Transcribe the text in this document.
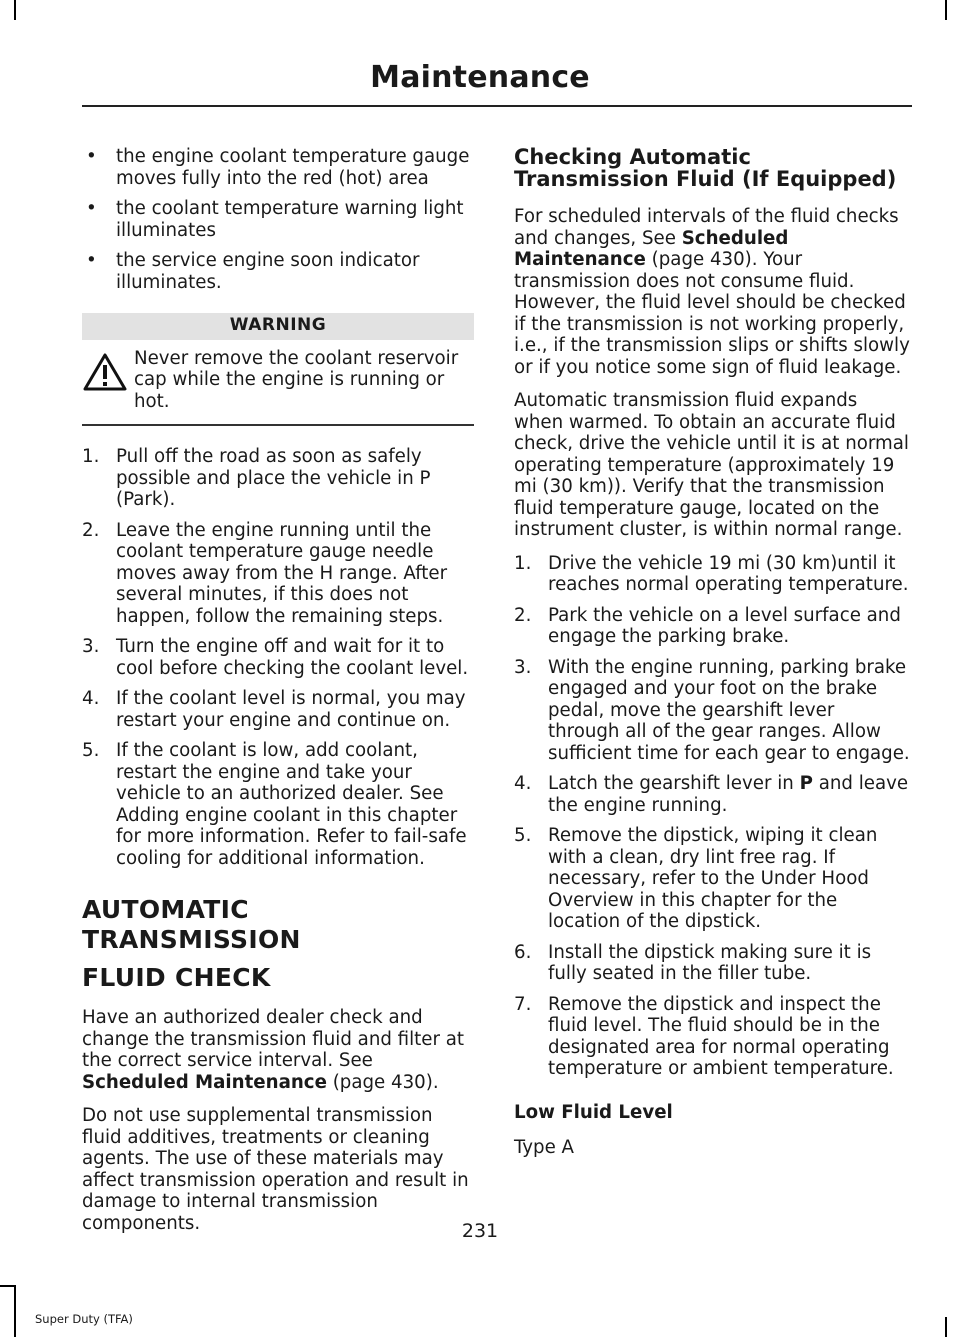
Maintenance
• the engine coolant temperature gauge moves fully into the red (hot) area
• the coolant temperature warning light illuminates
• the service engine soon indicator illuminates.
WARNING
Never remove the coolant reservoir cap while the engine is running or hot.
1. Pull off the road as soon as safely possible and place the vehicle in P (Park).
2. Leave the engine running until the coolant temperature gauge needle moves away from the H range. After several minutes, if this does not happen, follow the remaining steps.
3. Turn the engine off and wait for it to cool before checking the coolant level.
4. If the coolant level is normal, you may restart your engine and continue on.
5. If the coolant is low, add coolant, restart the engine and take your vehicle to an authorized dealer. See Adding engine coolant in this chapter for more information. Refer to fail-safe cooling for additional information.
AUTOMATIC TRANSMISSION
FLUID CHECK

Have an authorized dealer check and change the transmission fluid and filter at the correct service interval. See Scheduled Maintenance (page 430).

Do not use supplemental transmission fluid additives, treatments or cleaning agents. The use of these materials may affect transmission operation and result in damage to internal transmission components.

Checking Automatic Transmission Fluid (If Equipped)

For scheduled intervals of the fluid checks and changes, See Scheduled Maintenance (page 430). Your transmission does not consume fluid. However, the fluid level should be checked if the transmission is not working properly, i.e., if the transmission slips or shifts slowly or if you notice some sign of fluid leakage.

Automatic transmission fluid expands when warmed. To obtain an accurate fluid check, drive the vehicle until it is at normal operating temperature (approximately 19 mi (30 km)). Verify that the transmission fluid temperature gauge, located on the instrument cluster, is within normal range.

1. Drive the vehicle 19 mi (30 km)until it reaches normal operating temperature.
2. Park the vehicle on a level surface and engage the parking brake.
3. With the engine running, parking brake engaged and your foot on the brake pedal, move the gearshift lever through all of the gear ranges. Allow sufficient time for each gear to engage.
4. Latch the gearshift lever in P and leave the engine running.
5. Remove the dipstick, wiping it clean with a clean, dry lint free rag. If necessary, refer to the Under Hood Overview in this chapter for the location of the dipstick.
6. Install the dipstick making sure it is fully seated in the filler tube.
7. Remove the dipstick and inspect the fluid level. The fluid should be in the designated area for normal operating temperature or ambient temperature.
Low Fluid Level

Type A

231
Super Duty (TFA)
